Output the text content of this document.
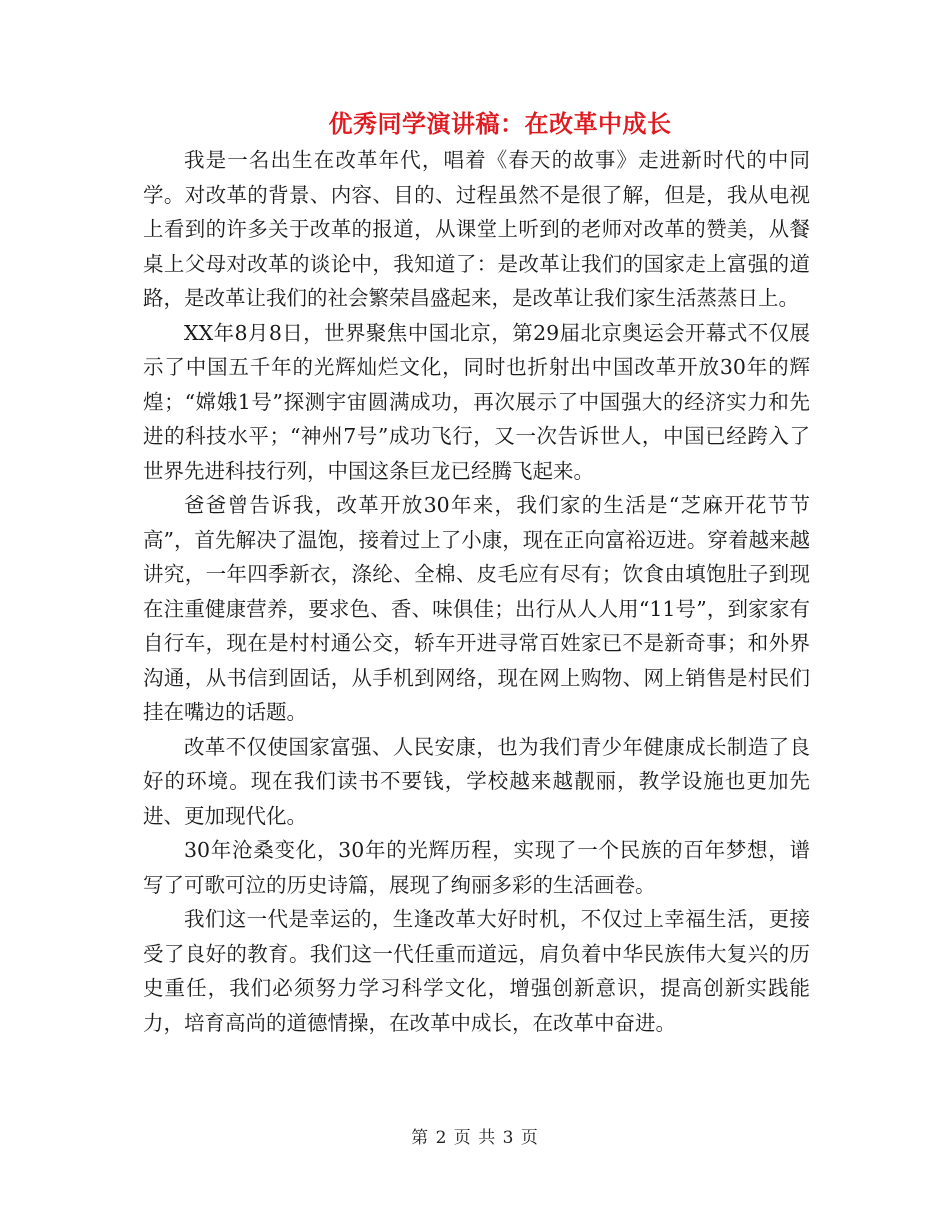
优秀同学演讲稿：在改革中成长

我是一名出生在改革年代，唱着《春天的故事》走进新时代的中同学。对改革的背景、内容、目的、过程虽然不是很了解，但是，我从电视上看到的许多关于改革的报道，从课堂上听到的老师对改革的赞美，从餐桌上父母对改革的谈论中，我知道了：是改革让我们的国家走上富强的道路，是改革让我们的社会繁荣昌盛起来，是改革让我们家生活蒸蒸日上。

XX年8月8日，世界聚焦中国北京，第29届北京奥运会开幕式不仅展示了中国五千年的光辉灿烂文化，同时也折射出中国改革开放30年的辉煌；“嫦娥1号”探测宇宙圆满成功，再次展示了中国强大的经济实力和先进的科技水平；“神州7号”成功飞行，又一次告诉世人，中国已经跨入了世界先进科技行列，中国这条巨龙已经腾飞起来。

爸爸曾告诉我，改革开放30年来，我们家的生活是“芝麻开花节节高”，首先解决了温饱，接着过上了小康，现在正向富裕迈进。穿着越来越讲究，一年四季新衣，涤纶、全棉、皮毛应有尽有；饮食由填饱肚子到现在注重健康营养，要求色、香、味俱佳；出行从人人用“11号”，到家家有自行车，现在是村村通公交，轿车开进寻常百姓家已不是新奇事；和外界沟通，从书信到固话，从手机到网络，现在网上购物、网上销售是村民们挂在嘴边的话题。

改革不仅使国家富强、人民安康，也为我们青少年健康成长制造了良好的环境。现在我们读书不要钱，学校越来越靓丽，教学设施也更加先进、更加现代化。

30年沧桑变化，30年的光辉历程，实现了一个民族的百年梦想，谱写了可歌可泣的历史诗篇，展现了绚丽多彩的生活画卷。

我们这一代是幸运的，生逢改革大好时机，不仅过上幸福生活，更接受了良好的教育。我们这一代任重而道远，肩负着中华民族伟大复兴的历史重任，我们必须努力学习科学文化，增强创新意识，提高创新实践能力，培育高尚的道德情操，在改革中成长，在改革中奋进。

第 2 页 共 3 页
